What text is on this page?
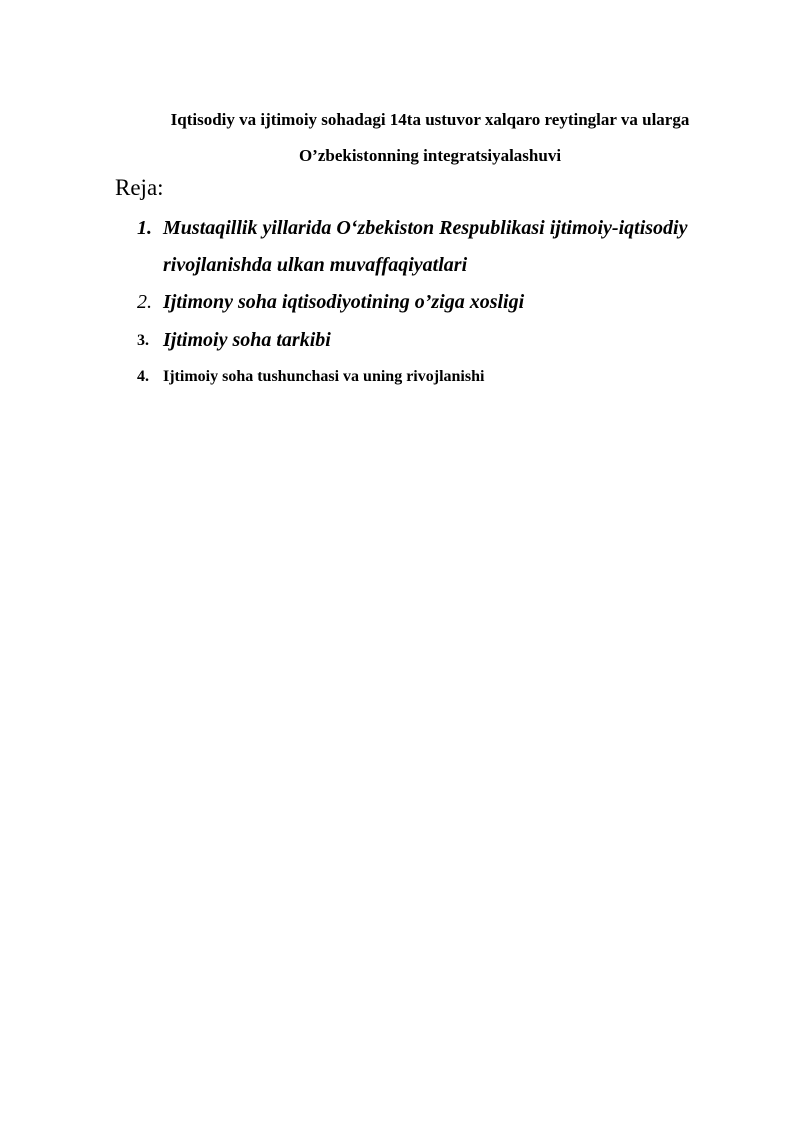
Iqtisodiy va ijtimoiy sohadagi 14ta ustuvor xalqaro reytinglar va ularga
O’zbekistonning integratsiyalashuvi

Reja:

1. Mustaqillik yillarida O‘zbekiston Respublikasi ijtimoiy-iqtisodiy rivojlanishda ulkan muvaffaqiyatlari
2. Ijtimony soha iqtisodiyotining o’ziga xosligi
3. Ijtimoiy soha tarkibi
4. Ijtimoiy soha tushunchasi va uning rivojlanishi
